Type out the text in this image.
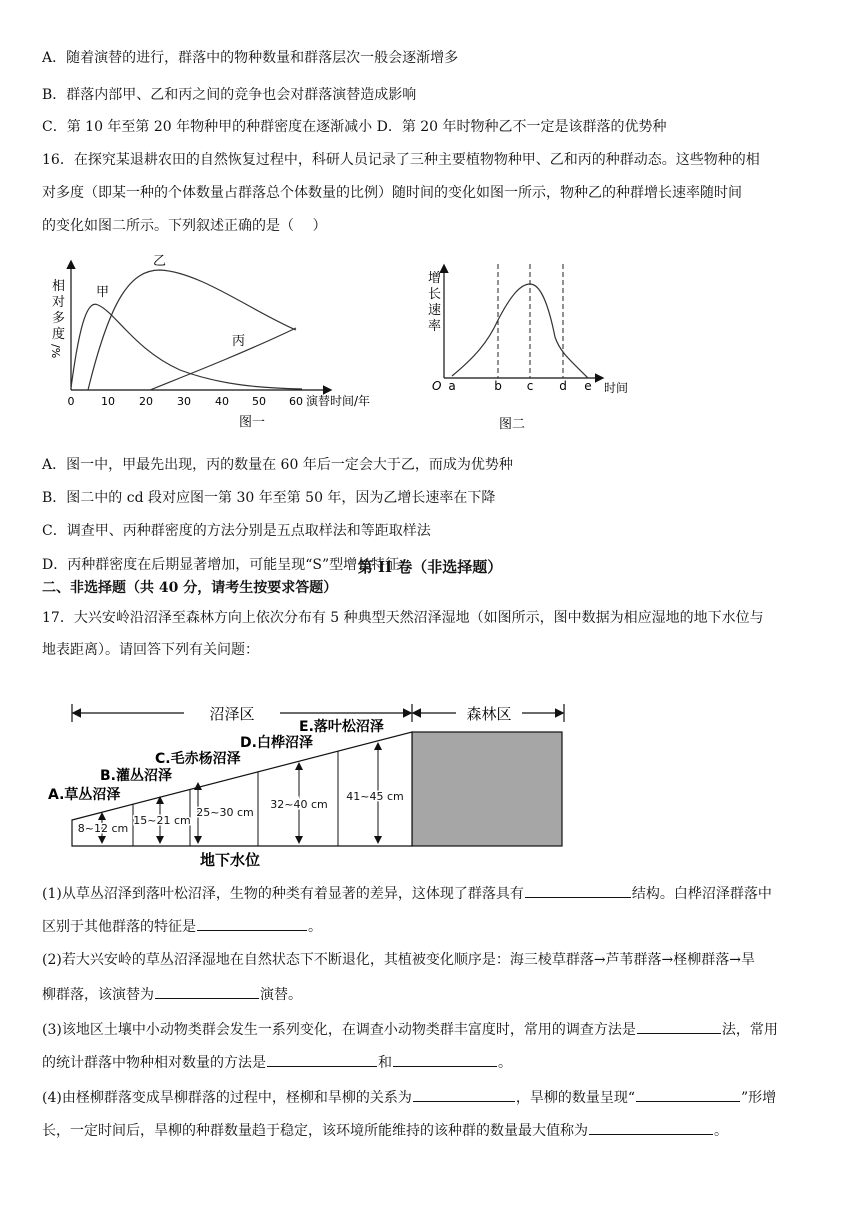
A．随着演替的进行，群落中的物种数量和群落层次一般会逐渐增多
B．群落内部甲、乙和丙之间的竞争也会对群落演替造成影响
C．第 10 年至第 20 年物种甲的种群密度在逐渐减小 D．第 20 年时物种乙不一定是该群落的优势种
16．在探究某退耕农田的自然恢复过程中，科研人员记录了三种主要植物物种甲、乙和丙的种群动态。这些物种的相
对多度（即某一种的个体数量占群落总个体数量的比例）随时间的变化如图一所示，物种乙的种群增长速率随时间
的变化如图二所示。下列叙述正确的是（　 ）
相
对
多
度
/%
甲
乙
丙
0 10 20 30 40 50 60 演替时间/年
图一
增
长
速
率
O a	b c d e 时间
图二
A．图一中，甲最先出现，丙的数量在 60 年后一定会大于乙，而成为优势种
B．图二中的 cd 段对应图一第 30 年至第 50 年，因为乙增长速率在下降
C．调查甲、丙种群密度的方法分别是五点取样法和等距取样法
D．丙种群密度在后期显著增加，可能呈现“S”型增长特征
第 II 卷（非选择题）
二、非选择题（共 40 分，请考生按要求答题）
17．大兴安岭沿沼泽至森林方向上依次分布有 5 种典型天然沼泽湿地（如图所示，图中数据为相应湿地的地下水位与
地表距离）。请回答下列有关问题：
沼泽区	森林区
8~12 cm
15~21 cm
25~30 cm
32~40 cm
41~45 cm
A.草丛沼泽
B.灌丛沼泽
C.毛赤杨沼泽
D.白桦沼泽
E.落叶松沼泽
地下水位
(1)从草丛沼泽到落叶松沼泽，生物的种类有着显著的差异，这体现了群落具有	结构。白桦沼泽群落中
区别于其他群落的特征是	。
(2)若大兴安岭的草丛沼泽湿地在自然状态下不断退化，其植被变化顺序是：海三棱草群落→芦苇群落→柽柳群落→旱
柳群落，该演替为	演替。
(3)该地区土壤中小动物类群会发生一系列变化，在调查小动物类群丰富度时，常用的调查方法是	法，常用
的统计群落中物种相对数量的方法是	和	。
(4)由柽柳群落变成旱柳群落的过程中，柽柳和旱柳的关系为	，旱柳的数量呈现“	”形增
长，一定时间后，旱柳的种群数量趋于稳定，该环境所能维持的该种群的数量最大值称为	。
